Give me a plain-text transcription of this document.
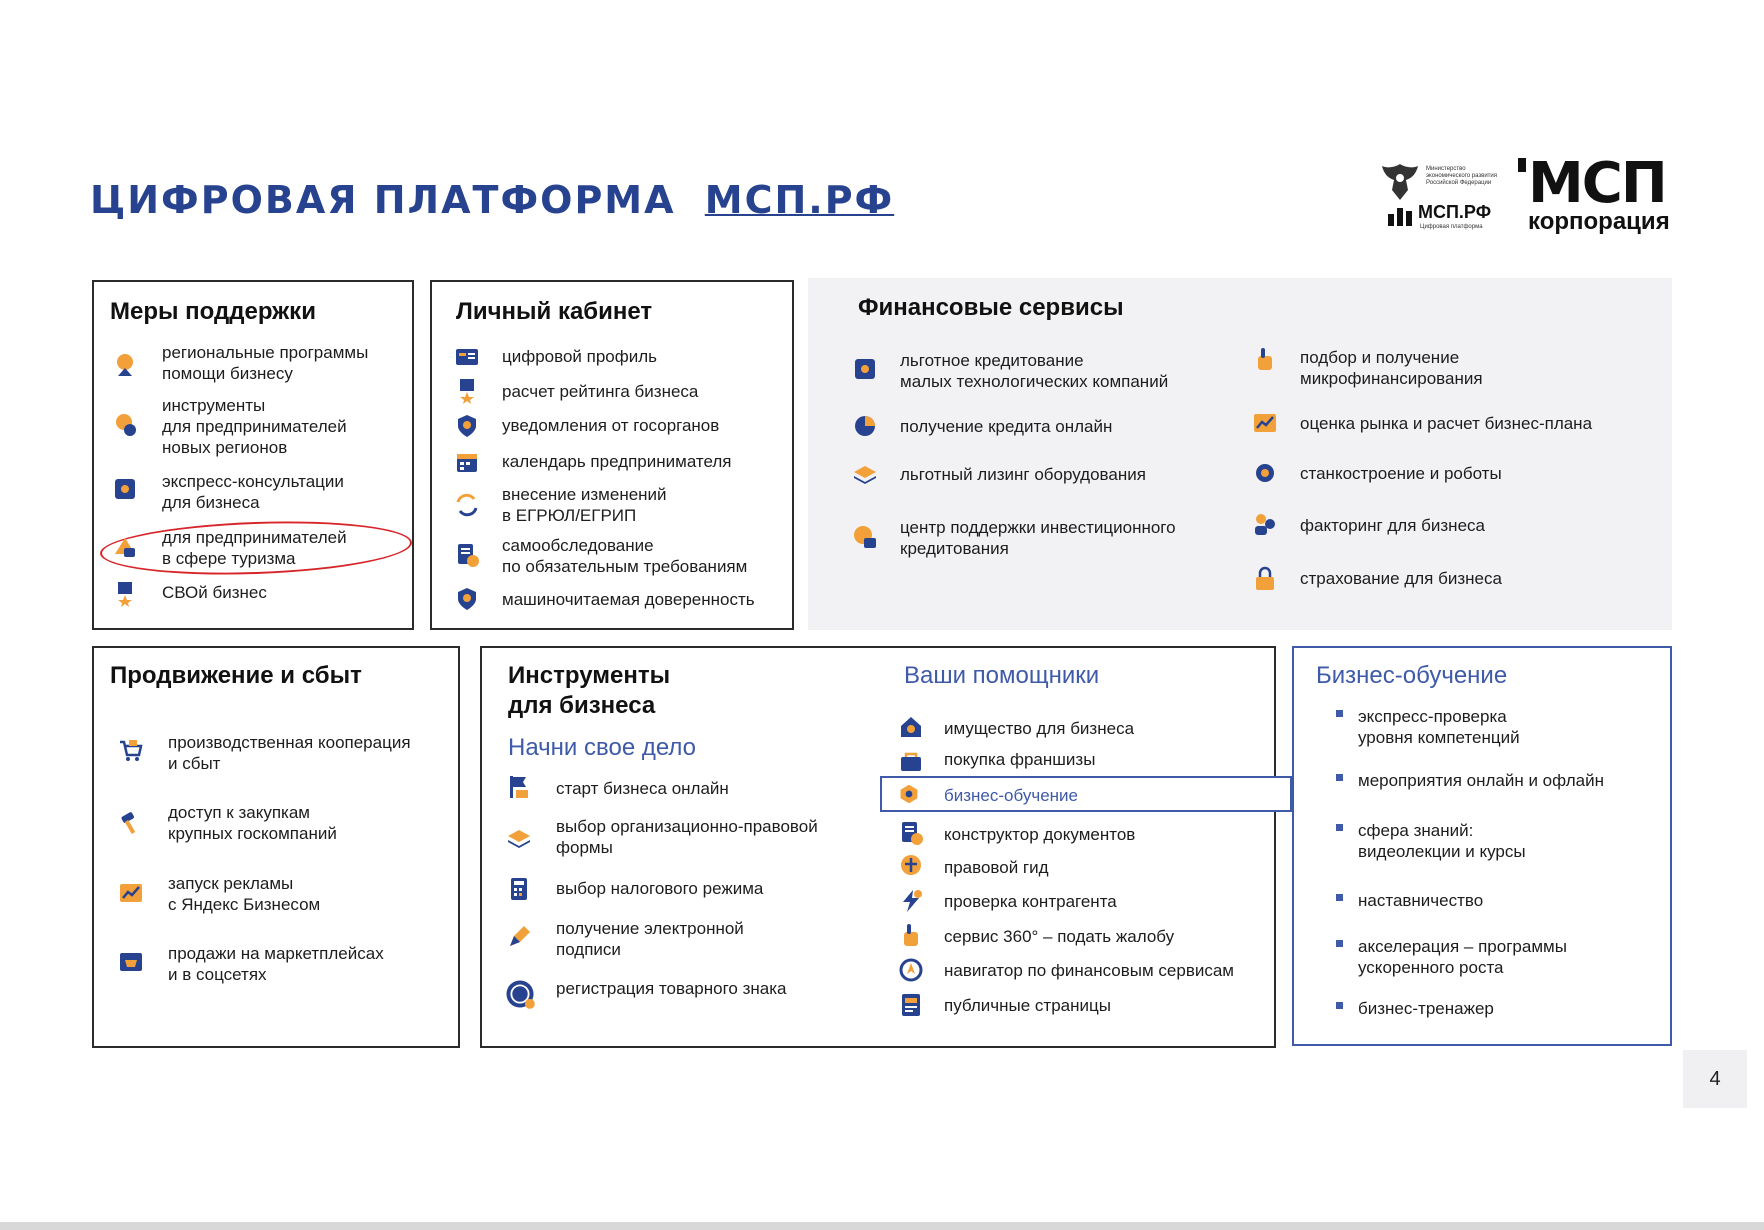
ЦИФРОВАЯ ПЛАТФОРМА МСП.РФ
Министерство экономического развития Российской Федерации
МСП.РФ
Цифровая платформа
МСП
корпорация
Меры поддержки
региональные программы
помощи бизнесу
инструменты
для предпринимателей
новых регионов
экспресс-консультации
для бизнеса
для предпринимателей
в сфере туризма
СВОй бизнес
Личный кабинет
цифровой профиль
расчет рейтинга бизнеса
уведомления от госорганов
календарь предпринимателя
внесение изменений
в ЕГРЮЛ/ЕГРИП
самообследование
по обязательным требованиям
машиночитаемая доверенность
Финансовые сервисы
льготное кредитование
малых технологических компаний
получение кредита онлайн
льготный лизинг оборудования
центр поддержки инвестиционного
кредитования
подбор и получение
микрофинансирования
оценка рынка и расчет бизнес-плана
станкостроение и роботы
факторинг для бизнеса
страхование для бизнеса
Продвижение и сбыт
производственная кооперация
и сбыт
доступ к закупкам
крупных госкомпаний
запуск рекламы
с Яндекс Бизнесом
продажи на маркетплейсах
и в соцсетях
Инструменты
для бизнеса
Начни свое дело
Ваши помощники
старт бизнеса онлайн
выбор организационно-правовой
формы
выбор налогового режима
получение электронной
подписи
регистрация товарного знака
имущество для бизнеса
покупка франшизы
бизнес-обучение
конструктор документов
правовой гид
проверка контрагента
сервис 360° – подать жалобу
навигатор по финансовым сервисам
публичные страницы
Бизнес-обучение
экспресс-проверка
уровня компетенций
мероприятия онлайн и офлайн
сфера знаний:
видеолекции и курсы
наставничество
акселерация – программы
ускоренного роста
бизнес-тренажер
4
